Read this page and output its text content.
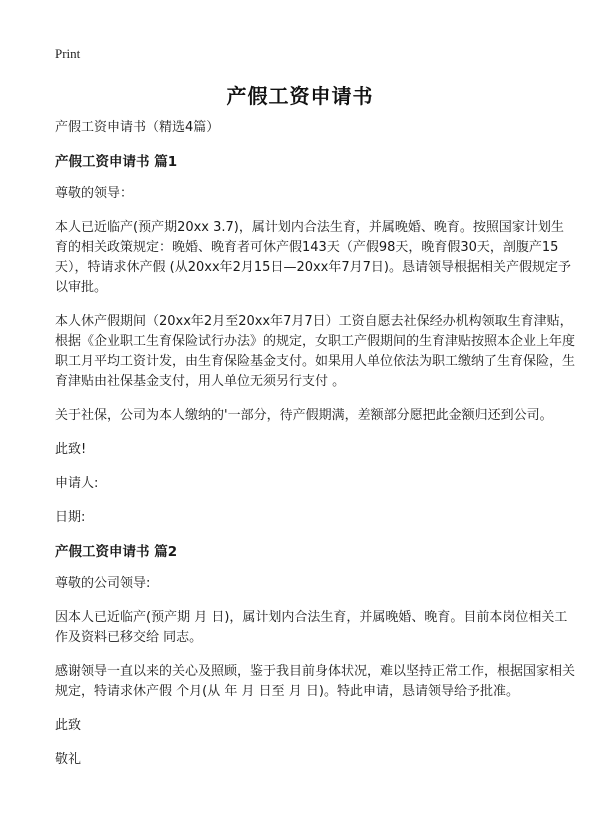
Print
产假工资申请书

产假工资申请书（精选4篇）

产假工资申请书 篇1

尊敬的领导：

本人已近临产(预产期20xx 3.7)，属计划内合法生育，并属晚婚、晚育。按照国家计划生育的相关政策规定：晚婚、晚育者可休产假143天（产假98天，晚育假30天，剖腹产15天），特请求休产假 (从20xx年2月15日—20xx年7月7日)。恳请领导根据相关产假规定予以审批。

本人休产假期间（20xx年2月至20xx年7月7日）工资自愿去社保经办机构领取生育津贴，根据《企业职工生育保险试行办法》的规定，女职工产假期间的生育津贴按照本企业上年度职工月平均工资计发，由生育保险基金支付。如果用人单位依法为职工缴纳了生育保险，生育津贴由社保基金支付，用人单位无须另行支付 。

关于社保，公司为本人缴纳的'一部分，待产假期满，差额部分愿把此金额归还到公司。

此致!

申请人:

日期:

产假工资申请书 篇2

尊敬的公司领导:

因本人已近临产(预产期 月 日)，属计划内合法生育，并属晚婚、晚育。目前本岗位相关工作及资料已移交给 同志。

感谢领导一直以来的关心及照顾，鉴于我目前身体状况，难以坚持正常工作，根据国家相关规定，特请求休产假 个月(从 年 月 日至 月 日)。特此申请，恳请领导给予批准。

此致

敬礼
